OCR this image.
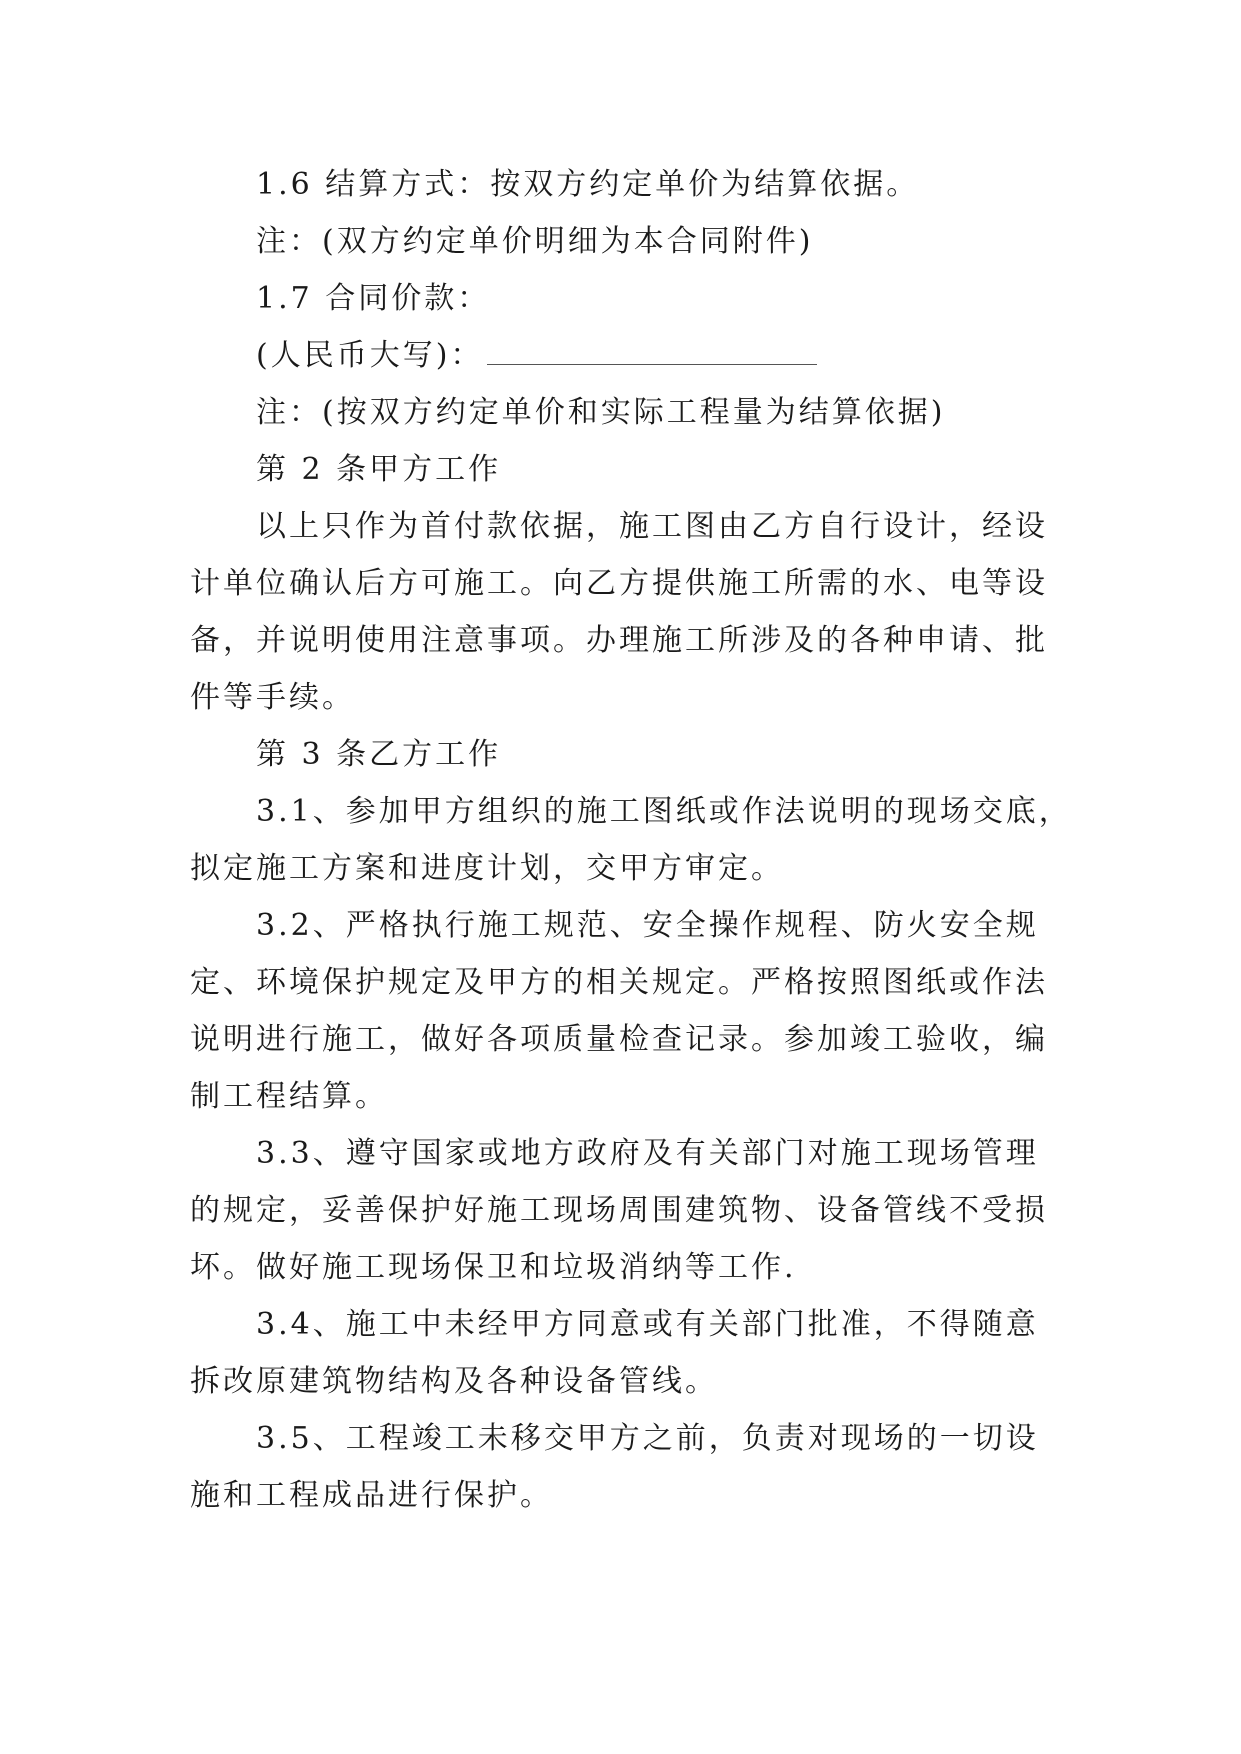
1.6 结算方式：按双方约定单价为结算依据。
注：(双方约定单价明细为本合同附件)
1.7 合同价款：
(人民币大写)：
注：(按双方约定单价和实际工程量为结算依据)
第 2 条甲方工作
以上只作为首付款依据，施工图由乙方自行设计，经设
计单位确认后方可施工。向乙方提供施工所需的水、电等设
备，并说明使用注意事项。办理施工所涉及的各种申请、批
件等手续。
第 3 条乙方工作
3.1、参加甲方组织的施工图纸或作法说明的现场交底，
拟定施工方案和进度计划，交甲方审定。
3.2、严格执行施工规范、安全操作规程、防火安全规
定、环境保护规定及甲方的相关规定。严格按照图纸或作法
说明进行施工，做好各项质量检查记录。参加竣工验收，编
制工程结算。
3.3、遵守国家或地方政府及有关部门对施工现场管理
的规定，妥善保护好施工现场周围建筑物、设备管线不受损
坏。做好施工现场保卫和垃圾消纳等工作.
3.4、施工中未经甲方同意或有关部门批准，不得随意
拆改原建筑物结构及各种设备管线。
3.5、工程竣工未移交甲方之前，负责对现场的一切设
施和工程成品进行保护。
